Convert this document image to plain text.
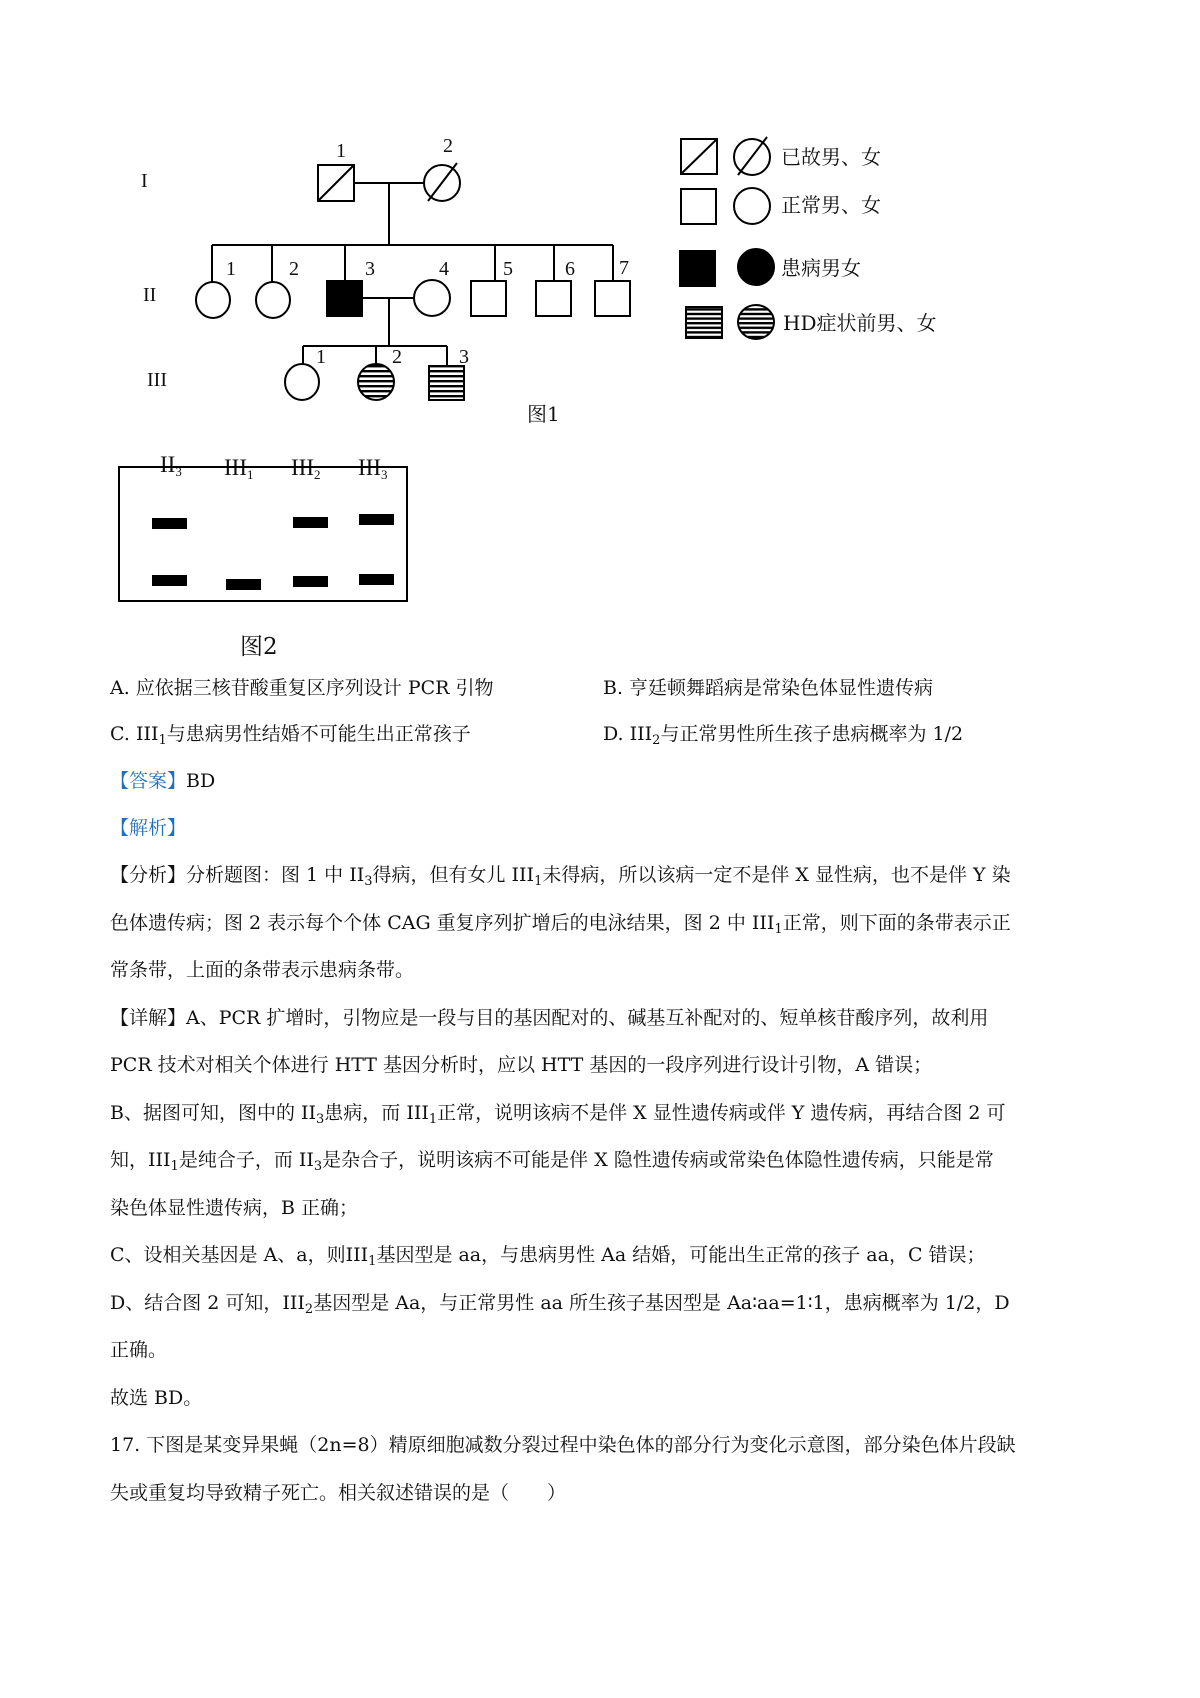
I
II
III
1	2
1	2	3	4	5	6 7
1	2	3
图1
已故男、女
正常男、女
患病男女
HD症状前男、女
$II_3$ $III_1$ $III_2$ $III_3$
图2
A. 应依据三核苷酸重复区序列设计 PCR 引物	B. 亨廷顿舞蹈病是常染色体显性遗传病
C. $III_1$与患病男性结婚不可能生出正常孩子	D. $III_2$与正常男性所生孩子患病概率为 1/2
【答案】BD
【解析】
【分析】分析题图：图 1 中 $II_3$得病，但有女儿 $III_1$未得病，所以该病一定不是伴 X 显性病，也不是伴 Y 染
色体遗传病；图 2 表示每个个体 CAG 重复序列扩增后的电泳结果，图 2 中 $III_1$正常，则下面的条带表示正
常条带，上面的条带表示患病条带。
【详解】A、PCR 扩增时，引物应是一段与目的基因配对的、碱基互补配对的、短单核苷酸序列，故利用
PCR 技术对相关个体进行 HTT 基因分析时，应以 HTT 基因的一段序列进行设计引物，A 错误；
B、据图可知，图中的 $II_3$患病，而 $III_1$正常，说明该病不是伴 X 显性遗传病或伴 Y 遗传病，再结合图 2 可
知，$III_1$是纯合子，而 $II_3$是杂合子，说明该病不可能是伴 X 隐性遗传病或常染色体隐性遗传病，只能是常
染色体显性遗传病，B 正确；
C、设相关基因是 A、a，则$III_1$基因型是 aa，与患病男性 Aa 结婚，可能出生正常的孩子 aa，C 错误；
D、结合图 2 可知，$III_2$基因型是 Aa，与正常男性 aa 所生孩子基因型是 Aa∶aa=1∶1，患病概率为 1/2，D
正确。
故选 BD。
17. 下图是某变异果蝇（2n=8）精原细胞减数分裂过程中染色体的部分行为变化示意图，部分染色体片段缺
失或重复均导致精子死亡。相关叙述错误的是（　　）
